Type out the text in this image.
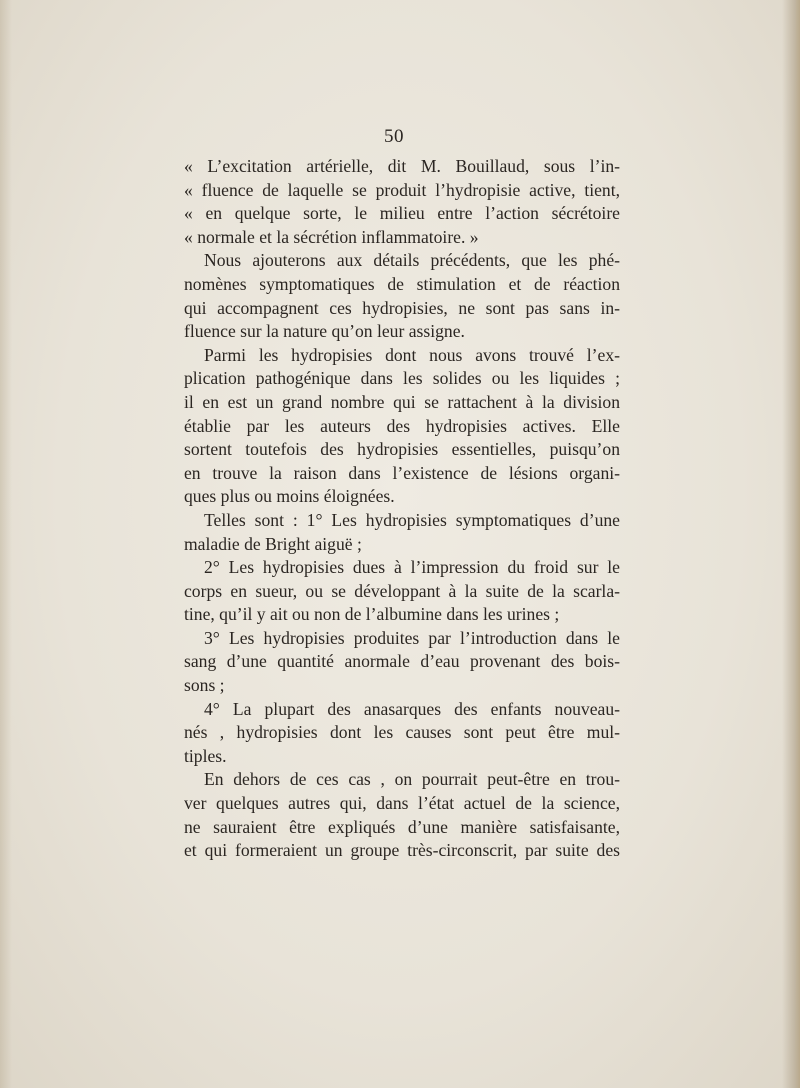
50

« L’excitation artérielle, dit M. Bouillaud, sous l’in-
« fluence de laquelle se produit l’hydropisie active, tient,
« en quelque sorte, le milieu entre l’action sécrétoire
« normale et la sécrétion inflammatoire. »

Nous ajouterons aux détails précédents, que les phé-
nomènes symptomatiques de stimulation et de réaction
qui accompagnent ces hydropisies, ne sont pas sans in-
fluence sur la nature qu’on leur assigne.

Parmi les hydropisies dont nous avons trouvé l’ex-
plication pathogénique dans les solides ou les liquides ;
il en est un grand nombre qui se rattachent à la division
établie par les auteurs des hydropisies actives. Elle
sortent toutefois des hydropisies essentielles, puisqu’on
en trouve la raison dans l’existence de lésions organi-
ques plus ou moins éloignées.

Telles sont : 1° Les hydropisies symptomatiques d’une
maladie de Bright aiguë ;

2° Les hydropisies dues à l’impression du froid sur le
corps en sueur, ou se développant à la suite de la scarla-
tine, qu’il y ait ou non de l’albumine dans les urines ;

3° Les hydropisies produites par l’introduction dans le
sang d’une quantité anormale d’eau provenant des bois-
sons ;

4° La plupart des anasarques des enfants nouveau-
nés , hydropisies dont les causes sont peut être mul-
tiples.

En dehors de ces cas , on pourrait peut-être en trou-
ver quelques autres qui, dans l’état actuel de la science,
ne sauraient être expliqués d’une manière satisfaisante,
et qui formeraient un groupe très-circonscrit, par suite des
